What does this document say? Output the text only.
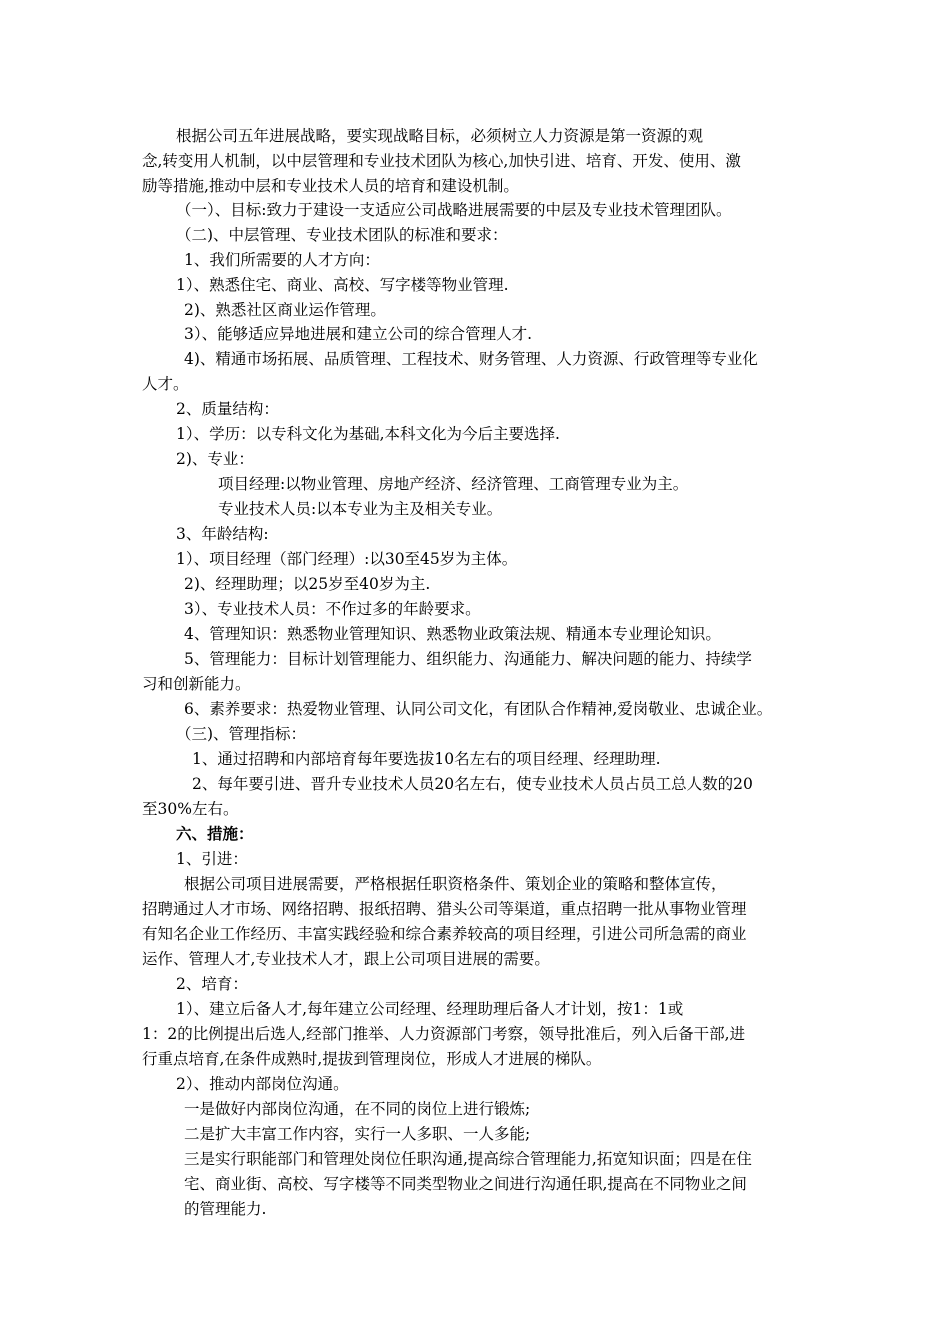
根据公司五年进展战略，要实现战略目标，必须树立人力资源是第一资源的观
念,转变用人机制，以中层管理和专业技术团队为核心,加快引进、培育、开发、使用、激
励等措施,推动中层和专业技术人员的培育和建设机制。
（一）、目标:致力于建设一支适应公司战略进展需要的中层及专业技术管理团队。
（二)、中层管理、专业技术团队的标准和要求：
1、我们所需要的人才方向：
1）、熟悉住宅、商业、高校、写字楼等物业管理.
2)、熟悉社区商业运作管理。
3）、能够适应异地进展和建立公司的综合管理人才.
4)、精通市场拓展、品质管理、工程技术、财务管理、人力资源、行政管理等专业化
人才。
2、质量结构：
1）、学历：以专科文化为基础,本科文化为今后主要选择.
2)、专业：
项目经理:以物业管理、房地产经济、经济管理、工商管理专业为主。
专业技术人员:以本专业为主及相关专业。
3、年龄结构:
1）、项目经理（部门经理）:以30至45岁为主体。
2)、经理助理；以25岁至40岁为主.
3）、专业技术人员：不作过多的年龄要求。
4、管理知识：熟悉物业管理知识、熟悉物业政策法规、精通本专业理论知识。
5、管理能力：目标计划管理能力、组织能力、沟通能力、解决问题的能力、持续学
习和创新能力。
6、素养要求：热爱物业管理、认同公司文化，有团队合作精神,爱岗敬业、忠诚企业。
（三)、管理指标：
1、通过招聘和内部培育每年要选拔10名左右的项目经理、经理助理.
2、每年要引进、晋升专业技术人员20名左右，使专业技术人员占员工总人数的20
至30%左右。
六、措施：
1、引进：
根据公司项目进展需要，严格根据任职资格条件、策划企业的策略和整体宣传，
招聘通过人才市场、网络招聘、报纸招聘、猎头公司等渠道，重点招聘一批从事物业管理
有知名企业工作经历、丰富实践经验和综合素养较高的项目经理，引进公司所急需的商业
运作、管理人才,专业技术人才，跟上公司项目进展的需要。
2、培育：
1）、建立后备人才,每年建立公司经理、经理助理后备人才计划，按1：1或
1：2的比例提出后选人,经部门推举、人力资源部门考察，领导批准后，列入后备干部,进
行重点培育,在条件成熟时,提拔到管理岗位，形成人才进展的梯队。
2）、推动内部岗位沟通。
一是做好内部岗位沟通，在不同的岗位上进行锻炼;
二是扩大丰富工作内容，实行一人多职、一人多能;
三是实行职能部门和管理处岗位任职沟通,提高综合管理能力,拓宽知识面；四是在住
宅、商业街、高校、写字楼等不同类型物业之间进行沟通任职,提高在不同物业之间
的管理能力.
